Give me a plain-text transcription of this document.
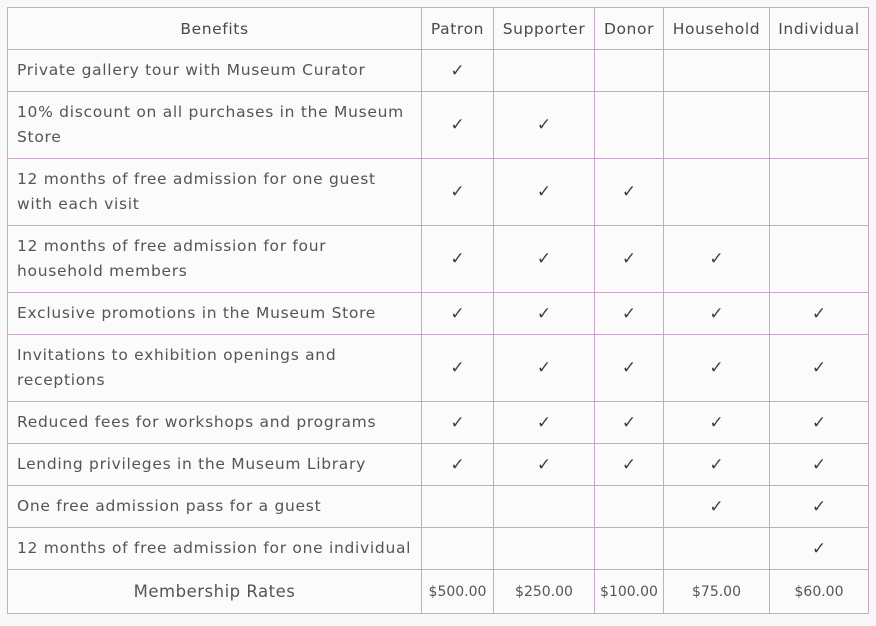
Benefits	Patron	Supporter	Donor	Household	Individual
Private gallery tour with Museum Curator	✓				
10% discount on all purchases in the Museum Store	✓	✓			
12 months of free admission for one guest with each visit	✓	✓	✓		
12 months of free admission for four household members	✓	✓	✓	✓	
Exclusive promotions in the Museum Store	✓	✓	✓	✓	✓
Invitations to exhibition openings and receptions	✓	✓	✓	✓	✓
Reduced fees for workshops and programs	✓	✓	✓	✓	✓
Lending privileges in the Museum Library	✓	✓	✓	✓	✓
One free admission pass for a guest				✓	✓
12 months of free admission for one individual					✓
Membership Rates	$500.00	$250.00	$100.00	$75.00	$60.00
